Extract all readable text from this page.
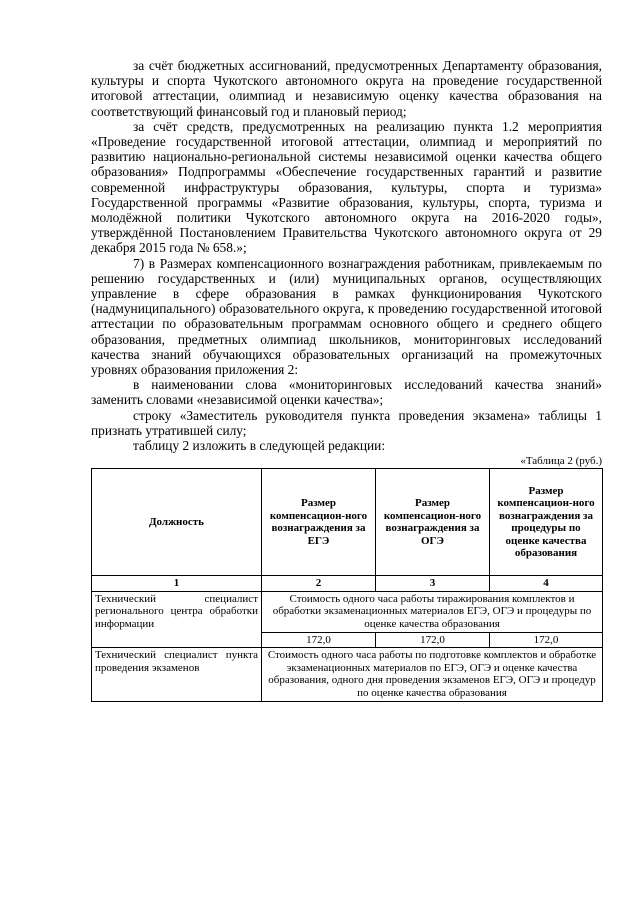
за счёт бюджетных ассигнований, предусмотренных Департаменту образования, культуры и спорта Чукотского автономного округа на проведение государственной итоговой аттестации, олимпиад и независимую оценку качества образования на соответствующий финансовый год и плановый период;

за счёт средств, предусмотренных на реализацию пункта 1.2 мероприятия «Проведение государственной итоговой аттестации, олимпиад и мероприятий по развитию национально-региональной системы независимой оценки качества общего образования» Подпрограммы «Обеспечение государственных гарантий и развитие современной инфраструктуры образования, культуры, спорта и туризма» Государственной программы «Развитие образования, культуры, спорта, туризма и молодёжной политики Чукотского автономного округа на 2016-2020 годы», утверждённой Постановлением Правительства Чукотского автономного округа от 29 декабря 2015 года № 658.»;

7) в Размерах компенсационного вознаграждения работникам, привлекаемым по решению государственных и (или) муниципальных органов, осуществляющих управление в сфере образования в рамках функционирования Чукотского (надмуниципального) образовательного округа, к проведению государственной итоговой аттестации по образовательным программам основного общего и среднего общего образования, предметных олимпиад школьников, мониторинговых исследований качества знаний обучающихся образовательных организаций на промежуточных уровнях образования приложения 2:

в наименовании слова «мониторинговых исследований качества знаний» заменить словами «независимой оценки качества»;

строку «Заместитель руководителя пункта проведения экзамена» таблицы 1 признать утратившей силу;

таблицу 2 изложить в следующей редакции:

«Таблица 2 (руб.)
Должность	Размер компенсацион-ного вознаграждения за ЕГЭ	Размер компенсацион-ного вознаграждения за ОГЭ	Размер компенсацион-ного вознаграждения за процедуры по оценке качества образования
1	2	3	4
Технический специалист регионального центра обработки информации	Стоимость одного часа работы тиражирования комплектов и обработки экзаменационных материалов ЕГЭ, ОГЭ и процедуры по оценке качества образования		
	172,0	172,0	172,0
Технический специалист пункта проведения экзаменов	Стоимость одного часа работы по подготовке комплектов и обработке экзаменационных материалов по ЕГЭ, ОГЭ и оценке качества образования, одного дня проведения экзаменов ЕГЭ, ОГЭ и процедур по оценке качества образования		
